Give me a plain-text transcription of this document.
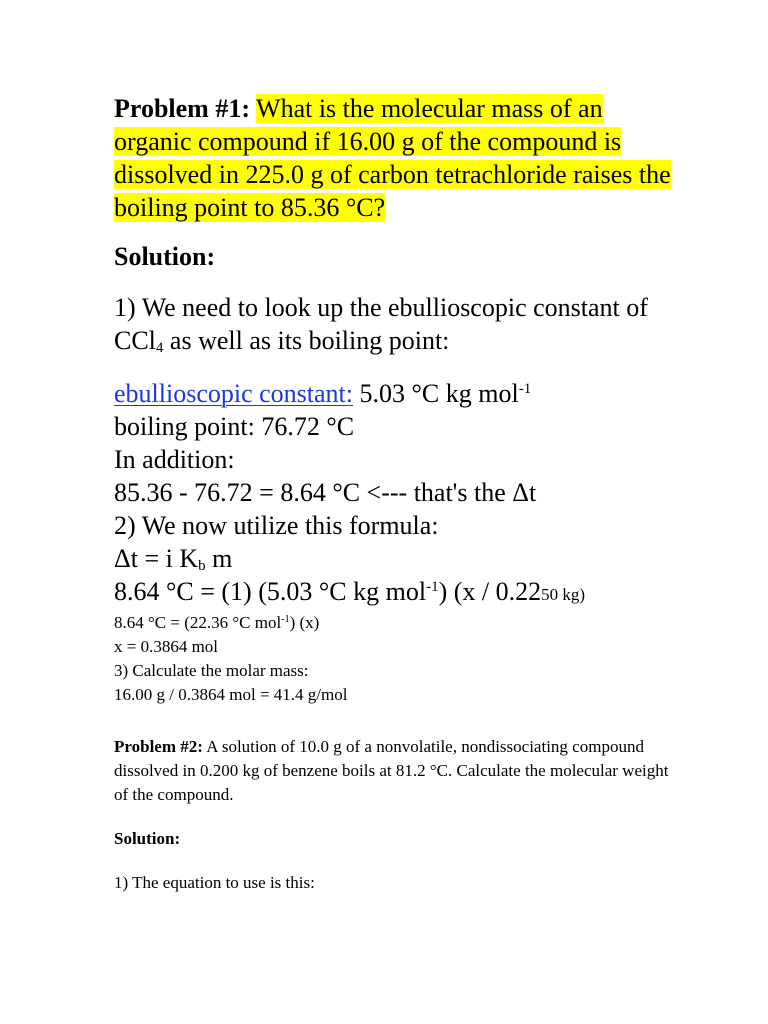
Problem #1: What is the molecular mass of an organic compound if 16.00 g of the compound is dissolved in 225.0 g of carbon tetrachloride raises the boiling point to 85.36 °C?

Solution:

1) We need to look up the ebullioscopic constant of CCl$_4$ as well as its boiling point:

ebullioscopic constant: 5.03 °C kg mol$^{-1}$
boiling point: 76.72 °C
In addition:
85.36 - 76.72 = 8.64 °C <--- that's the Δt
2) We now utilize this formula:
Δt = i $K_b$ m
8.64 °C = (1) (5.03 °C kg mol$^{-1}$) (x / 0.2250 kg)
8.64 °C = (22.36 °C mol$^{-1}$) (x)
x = 0.3864 mol
3) Calculate the molar mass:
16.00 g / 0.3864 mol = 41.4 g/mol

Problem #2: A solution of 10.0 g of a nonvolatile, nondissociating compound dissolved in 0.200 kg of benzene boils at 81.2 °C. Calculate the molecular weight of the compound.

Solution:

1) The equation to use is this:
